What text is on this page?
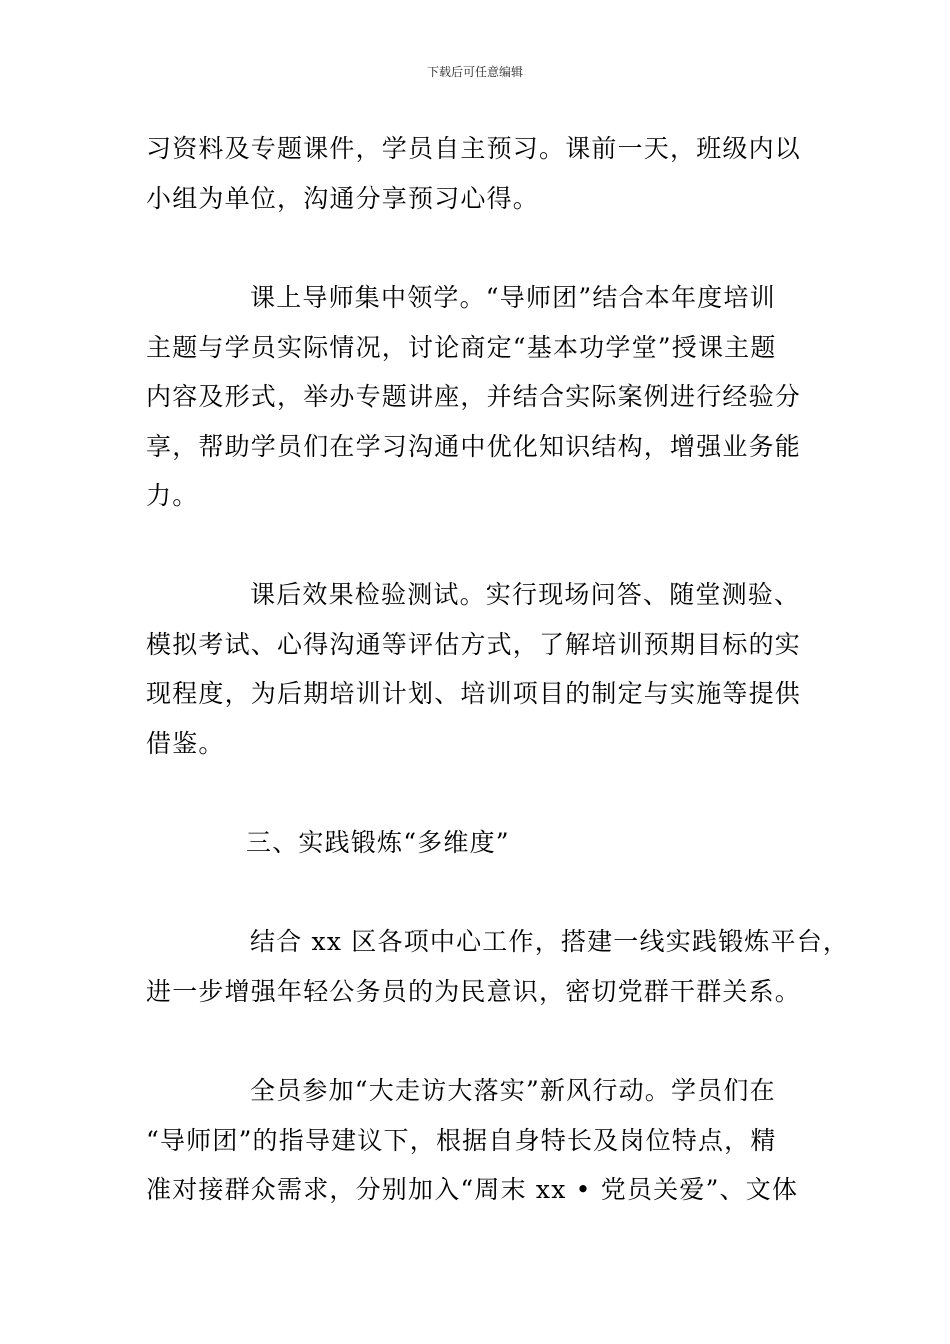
下载后可任意编辑
习资料及专题课件，学员自主预习。课前一天，班级内以
小组为单位，沟通分享预习心得。
课上导师集中领学。“导师团”结合本年度培训
主题与学员实际情况，讨论商定“基本功学堂”授课主题
内容及形式，举办专题讲座，并结合实际案例进行经验分
享，帮助学员们在学习沟通中优化知识结构，增强业务能
力。
课后效果检验测试。实行现场问答、随堂测验、
模拟考试、心得沟通等评估方式，了解培训预期目标的实
现程度，为后期培训计划、培训项目的制定与实施等提供
借鉴。
三、实践锻炼“多维度”
结合 xx 区各项中心工作，搭建一线实践锻炼平台，
进一步增强年轻公务员的为民意识，密切党群干群关系。
全员参加“大走访大落实”新风行动。学员们在
“导师团”的指导建议下，根据自身特长及岗位特点，精
准对接群众需求，分别加入“周末 xx • 党员关爱”、文体
